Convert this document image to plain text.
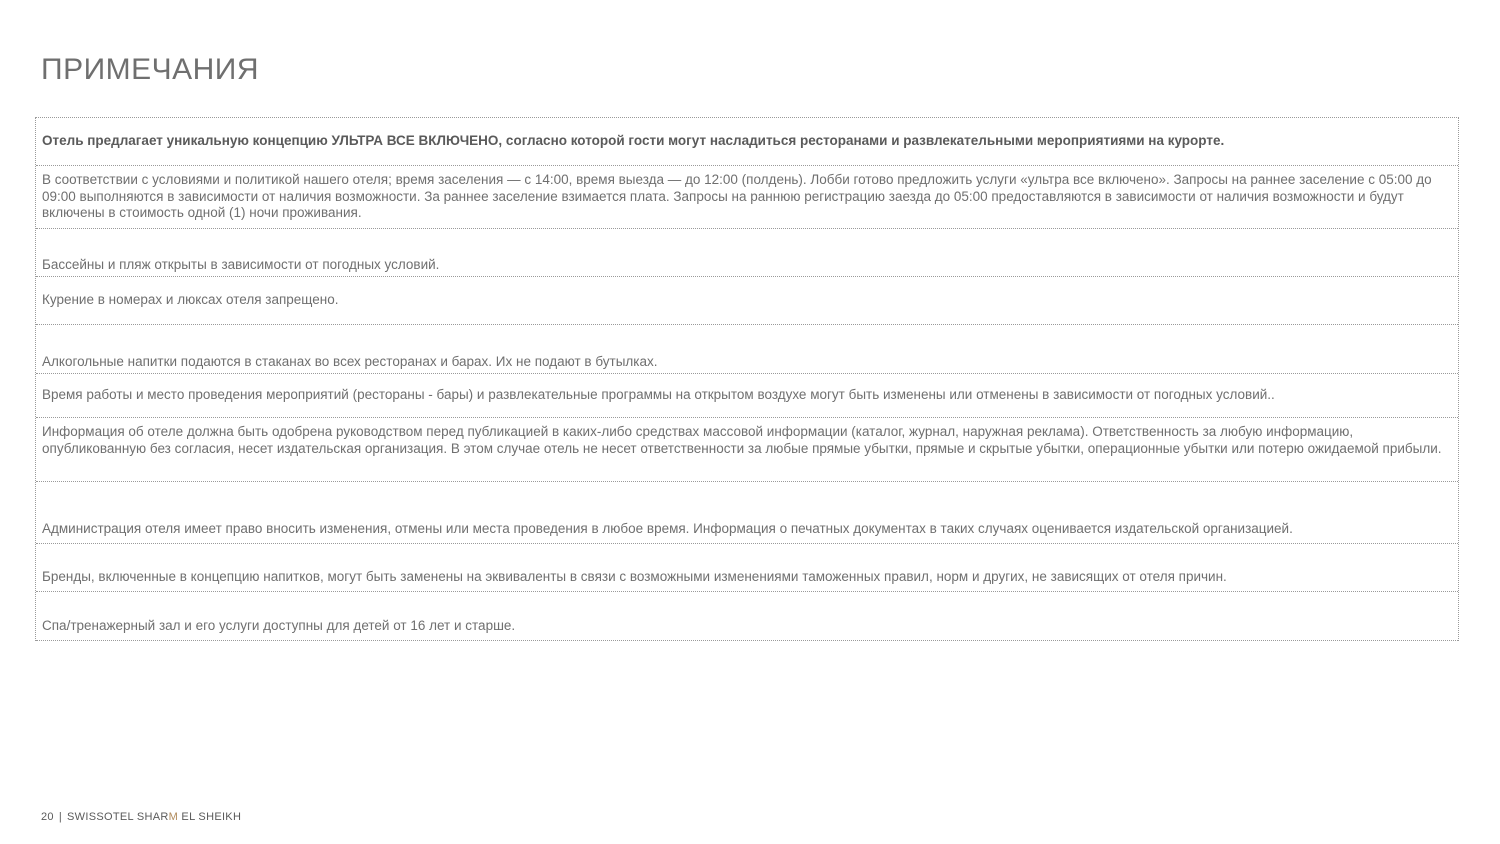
ПРИМЕЧАНИЯ
Отель предлагает уникальную концепцию УЛЬТРА ВСЕ ВКЛЮЧЕНО, согласно которой гости могут насладиться ресторанами и развлекательными мероприятиями на курорте.
В соответствии с условиями и политикой нашего отеля; время заселения — с 14:00, время выезда — до 12:00 (полдень). Лобби готово предложить услуги «ультра все включено». Запросы на раннее заселение с 05:00 до 09:00 выполняются в зависимости от наличия возможности. За раннее заселение взимается плата. Запросы на раннюю регистрацию заезда до 05:00 предоставляются в зависимости от наличия возможности и будут включены в стоимость одной (1) ночи проживания.
Бассейны и пляж открыты в зависимости от погодных условий.
Курение в номерах и люксах отеля запрещено.
Алкогольные напитки подаются в стаканах во всех ресторанах и барах. Их не подают в бутылках.
Время работы и место проведения мероприятий (рестораны - бары) и развлекательные программы на открытом воздухе могут быть изменены или отменены в зависимости от погодных условий..
Информация об отеле должна быть одобрена руководством перед публикацией в каких-либо средствах массовой информации (каталог, журнал, наружная реклама). Ответственность за любую информацию, опубликованную без согласия, несет издательская организация. В этом случае отель не несет ответственности за любые прямые убытки, прямые и скрытые убытки, операционные убытки или потерю ожидаемой прибыли.
Администрация отеля имеет право вносить изменения, отмены или места проведения в любое время. Информация о печатных документах в таких случаях оценивается издательской организацией.
Бренды, включенные в концепцию напитков, могут быть заменены на эквиваленты в связи с возможными изменениями таможенных правил, норм и других, не зависящих от отеля причин.
Спа/тренажерный зал и его услуги доступны для детей от 16 лет и старше.
20 | SWISSOTEL SHARM EL SHEIKH
